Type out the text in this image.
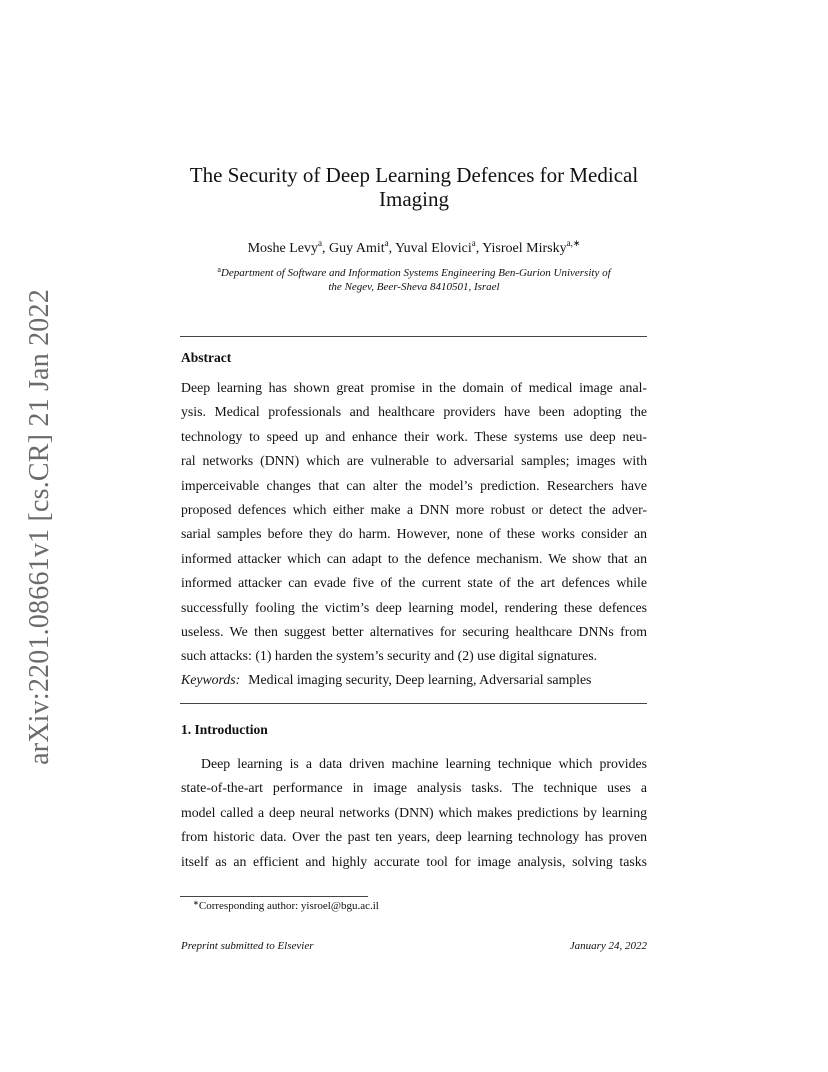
arXiv:2201.08661v1 [cs.CR] 21 Jan 2022
The Security of Deep Learning Defences for Medical
Imaging
Moshe Levy$^a$, Guy Amit$^a$, Yuval Elovici$^a$, Yisroel Mirsky$^{a,∗}$
$^a$Department of Software and Information Systems Engineering Ben-Gurion University of
the Negev, Beer-Sheva 8410501, Israel
Abstract
Deep learning has shown great promise in the domain of medical image anal-
ysis. Medical professionals and healthcare providers have been adopting the
technology to speed up and enhance their work. These systems use deep neu-
ral networks (DNN) which are vulnerable to adversarial samples; images with
imperceivable changes that can alter the model’s prediction. Researchers have
proposed defences which either make a DNN more robust or detect the adver-
sarial samples before they do harm. However, none of these works consider an
informed attacker which can adapt to the defence mechanism. We show that an
informed attacker can evade five of the current state of the art defences while
successfully fooling the victim’s deep learning model, rendering these defences
useless. We then suggest better alternatives for securing healthcare DNNs from
such attacks: (1) harden the system’s security and (2) use digital signatures.
Keywords: Medical imaging security, Deep learning, Adversarial samples
1. Introduction
Deep learning is a data driven machine learning technique which provides
state-of-the-art performance in image analysis tasks. The technique uses a
model called a deep neural networks (DNN) which makes predictions by learning
from historic data. Over the past ten years, deep learning technology has proven
itself as an efficient and highly accurate tool for image analysis, solving tasks
∗Corresponding author: yisroel@bgu.ac.il
Preprint submitted to Elsevier	January 24, 2022
